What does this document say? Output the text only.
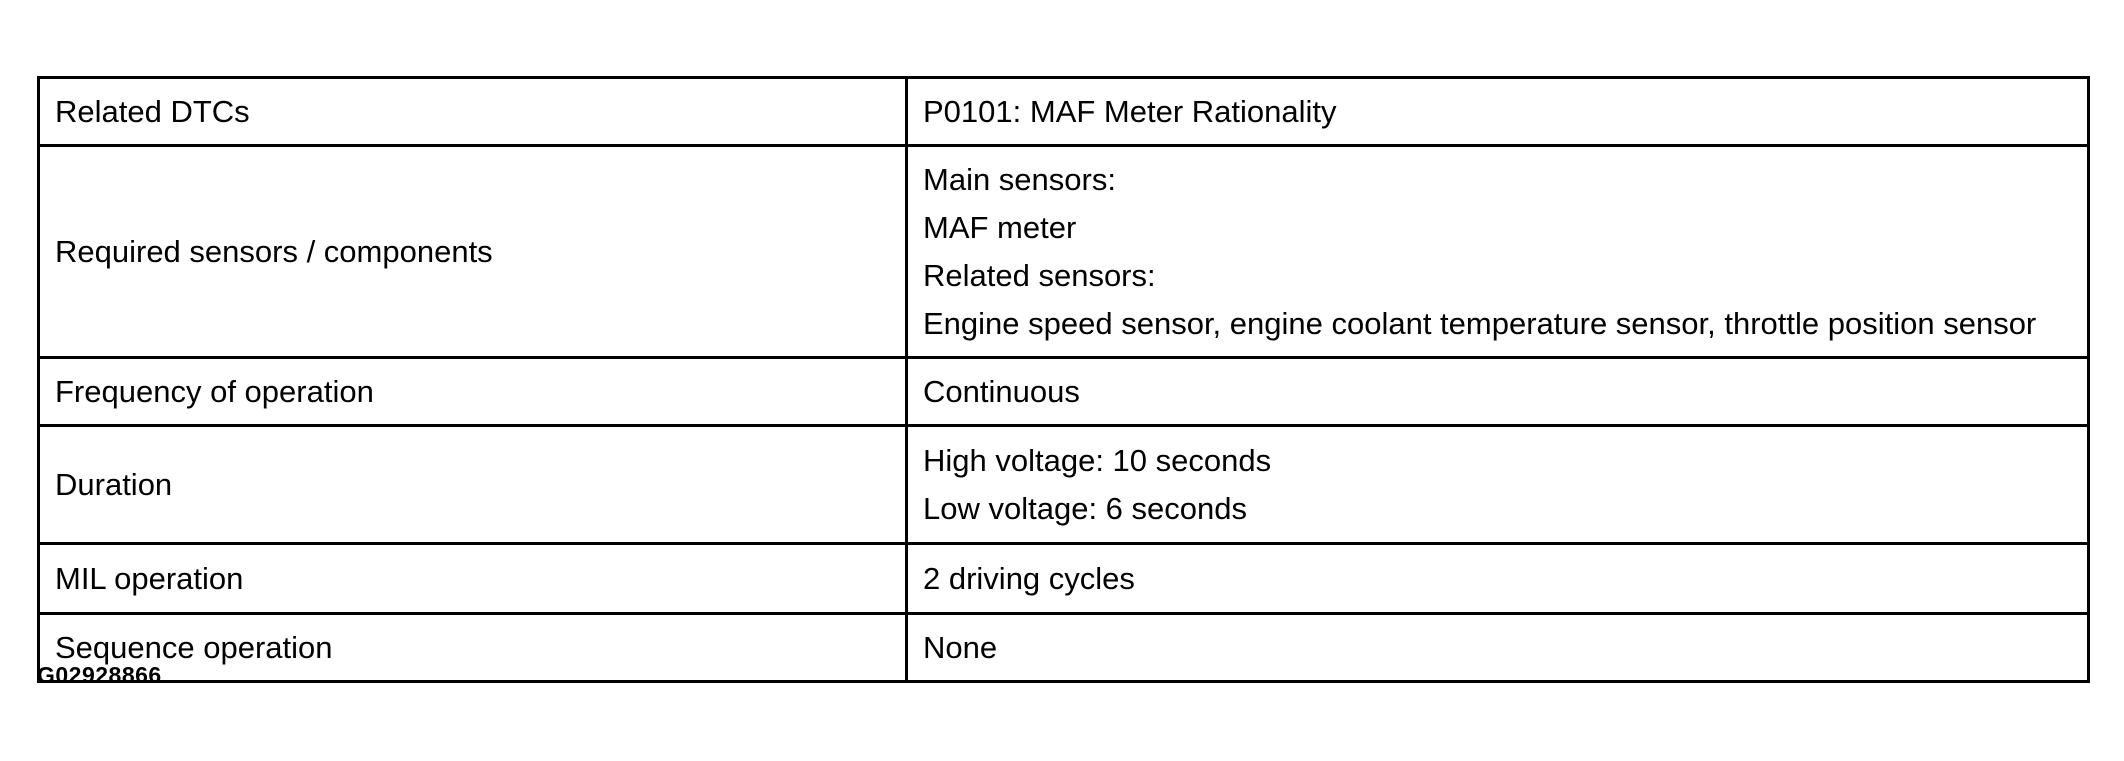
Related DTCs	P0101: MAF Meter Rationality

Required sensors / components	Main sensors:
MAF meter
Related sensors:
Engine speed sensor, engine coolant temperature sensor, throttle position sensor

Frequency of operation	Continuous

Duration	High voltage: 10 seconds
Low voltage: 6 seconds

MIL operation	2 driving cycles

Sequence operation	None
G02928866
